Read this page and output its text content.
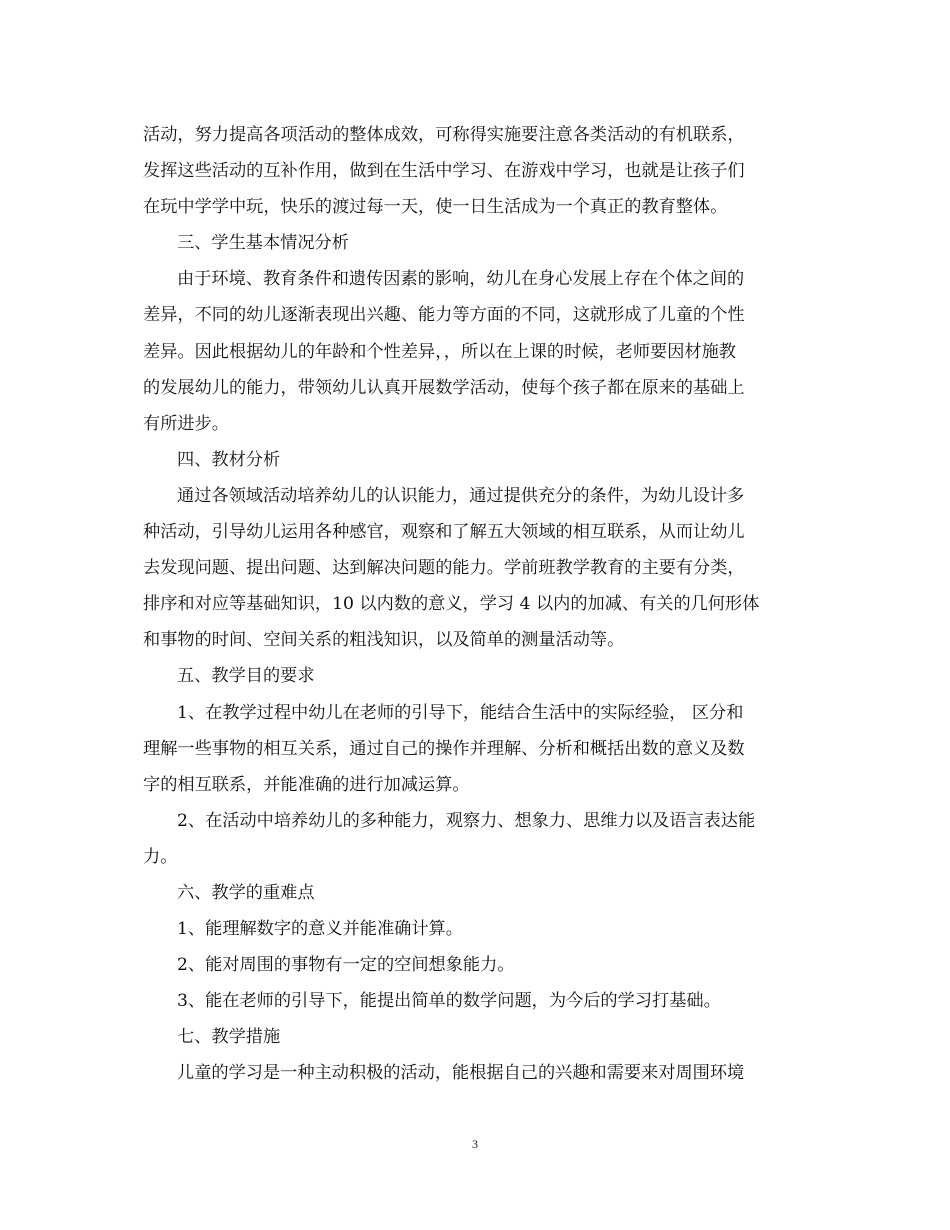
活动，努力提高各项活动的整体成效，可称得实施要注意各类活动的有机联系，
发挥这些活动的互补作用，做到在生活中学习、在游戏中学习，也就是让孩子们
在玩中学学中玩，快乐的渡过每一天，使一日生活成为一个真正的教育整体。
三、学生基本情况分析
由于环境、教育条件和遗传因素的影响，幼儿在身心发展上存在个体之间的
差异，不同的幼儿逐渐表现出兴趣、能力等方面的不同，这就形成了儿童的个性
差异。因此根据幼儿的年龄和个性差异，，所以在上课的时候，老师要因材施教
的发展幼儿的能力，带领幼儿认真开展数学活动，使每个孩子都在原来的基础上
有所进步。
四、教材分析
通过各领域活动培养幼儿的认识能力，通过提供充分的条件，为幼儿设计多
种活动，引导幼儿运用各种感官，观察和了解五大领域的相互联系，从而让幼儿
去发现问题、提出问题、达到解决问题的能力。学前班教学教育的主要有分类，
排序和对应等基础知识，10 以内数的意义，学习 4 以内的加减、有关的几何形体
和事物的时间、空间关系的粗浅知识，以及简单的测量活动等。
五、教学目的要求
1、在教学过程中幼儿在老师的引导下，能结合生活中的实际经验， 区分和
理解一些事物的相互关系，通过自己的操作并理解、分析和概括出数的意义及数
字的相互联系，并能准确的进行加减运算。
2、在活动中培养幼儿的多种能力，观察力、想象力、思维力以及语言表达能
力。
六、教学的重难点
1、能理解数字的意义并能准确计算。
2、能对周围的事物有一定的空间想象能力。
3、能在老师的引导下，能提出简单的数学问题，为今后的学习打基础。
七、教学措施
儿童的学习是一种主动积极的活动，能根据自己的兴趣和需要来对周围环境
3
